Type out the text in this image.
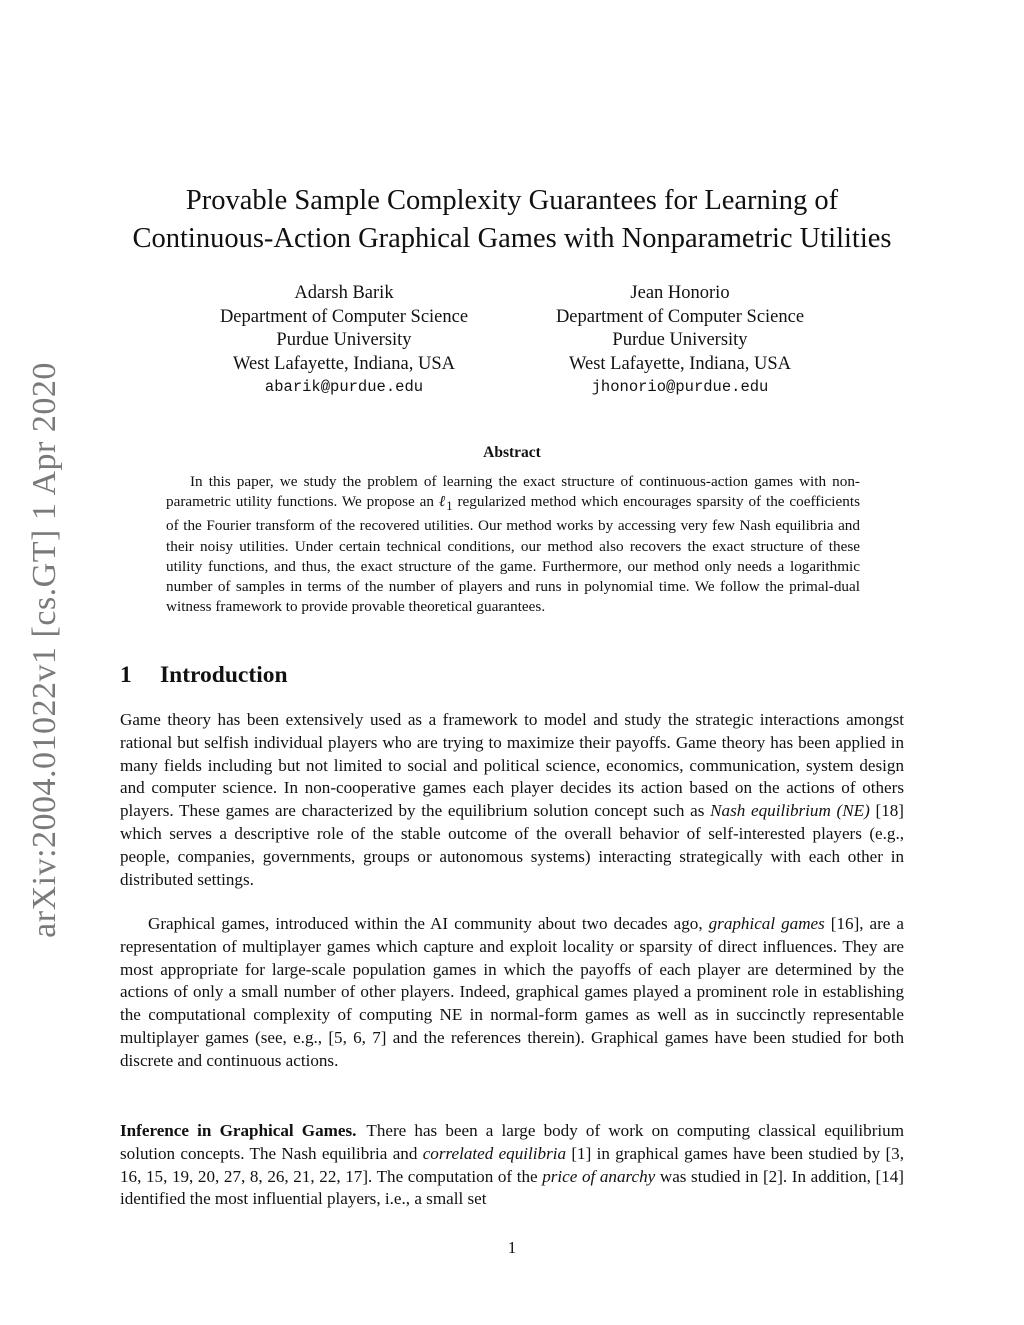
arXiv:2004.01022v1 [cs.GT] 1 Apr 2020
Provable Sample Complexity Guarantees for Learning of
Continuous-Action Graphical Games with Nonparametric Utilities
Adarsh Barik
Department of Computer Science
Purdue University
West Lafayette, Indiana, USA
abarik@purdue.edu
Jean Honorio
Department of Computer Science
Purdue University
West Lafayette, Indiana, USA
jhonorio@purdue.edu
Abstract
In this paper, we study the problem of learning the exact structure of continuous-action games with non-parametric utility functions. We propose an ℓ$_1$ regularized method which encourages sparsity of the coefficients of the Fourier transform of the recovered utilities. Our method works by accessing very few Nash equilibria and their noisy utilities. Under certain technical conditions, our method also recovers the exact structure of these utility functions, and thus, the exact structure of the game. Furthermore, our method only needs a logarithmic number of samples in terms of the number of players and runs in polynomial time. We follow the primal-dual witness framework to provide provable theoretical guarantees.
1 Introduction

Game theory has been extensively used as a framework to model and study the strategic interactions amongst rational but selfish individual players who are trying to maximize their payoffs. Game theory has been applied in many fields including but not limited to social and political science, economics, communication, system design and computer science. In non-cooperative games each player decides its action based on the actions of others players. These games are characterized by the equilibrium solution concept such as Nash equilibrium (NE) [18] which serves a descriptive role of the stable outcome of the overall behavior of self-interested players (e.g., people, companies, governments, groups or autonomous systems) interacting strategically with each other in distributed settings.

Graphical games, introduced within the AI community about two decades ago, graphical games [16], are a representation of multiplayer games which capture and exploit locality or sparsity of direct influences. They are most appropriate for large-scale population games in which the payoffs of each player are determined by the actions of only a small number of other players. Indeed, graphical games played a prominent role in establishing the computational complexity of computing NE in normal-form games as well as in succinctly representable multiplayer games (see, e.g., [5, 6, 7] and the references therein). Graphical games have been studied for both discrete and continuous actions.

Inference in Graphical Games. There has been a large body of work on computing classical equilibrium solution concepts. The Nash equilibria and correlated equilibria [1] in graphical games have been studied by [3, 16, 15, 19, 20, 27, 8, 26, 21, 22, 17]. The computation of the price of anarchy was studied in [2]. In addition, [14] identified the most influential players, i.e., a small set

1
